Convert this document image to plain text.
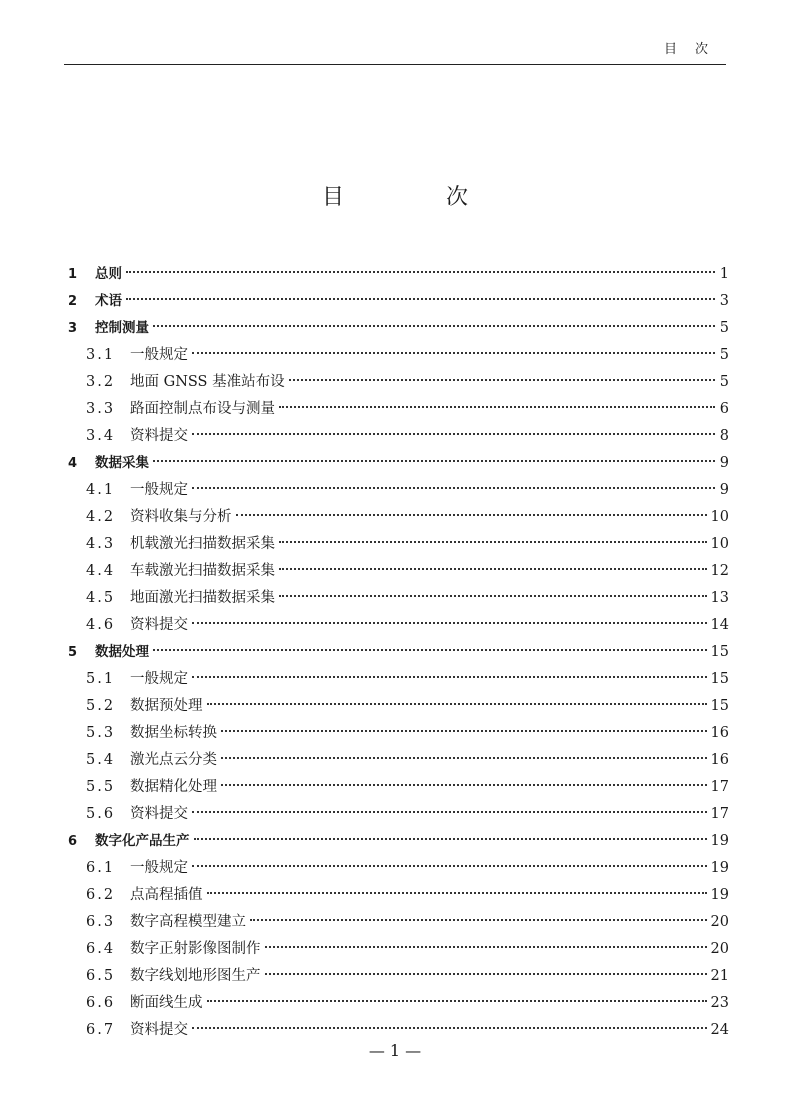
目次
目　次
1	总则	1
2	术语	3
3	控制测量	5
3.1	一般规定	5
3.2	地面 GNSS 基准站布设	5
3.3	路面控制点布设与测量	6
3.4	资料提交	8
4	数据采集	9
4.1	一般规定	9
4.2	资料收集与分析	10
4.3	机载激光扫描数据采集	10
4.4	车载激光扫描数据采集	12
4.5	地面激光扫描数据采集	13
4.6	资料提交	14
5	数据处理	15
5.1	一般规定	15
5.2	数据预处理	15
5.3	数据坐标转换	16
5.4	激光点云分类	16
5.5	数据精化处理	17
5.6	资料提交	17
6	数字化产品生产	19
6.1	一般规定	19
6.2	点高程插值	19
6.3	数字高程模型建立	20
6.4	数字正射影像图制作	20
6.5	数字线划地形图生产	21
6.6	断面线生成	23
6.7	资料提交	24
— 1 —
